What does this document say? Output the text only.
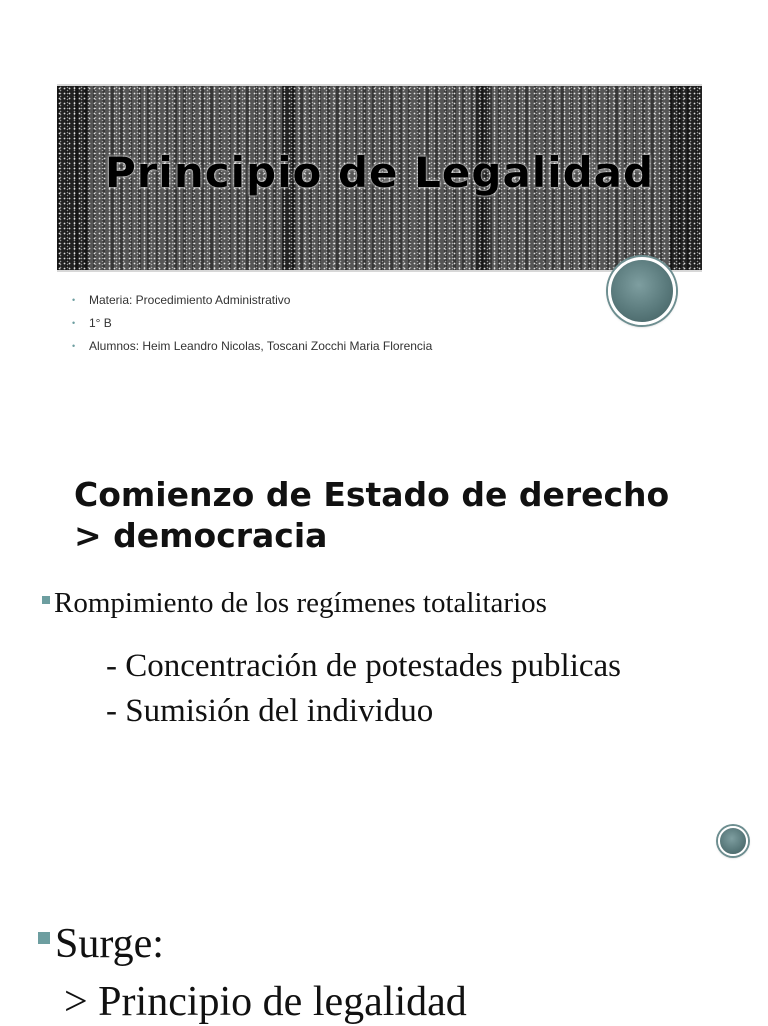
Principio de Legalidad
•	Materia: Procedimiento Administrativo
•	1° B
•	Alumnos: Heim Leandro Nicolas, Toscani Zocchi Maria Florencia
Comienzo de Estado de derecho > democracia

Rompimiento de los regímenes totalitarios

- Concentración de potestades publicas
- Sumisión del individuo

Surge:

> Principio de legalidad
